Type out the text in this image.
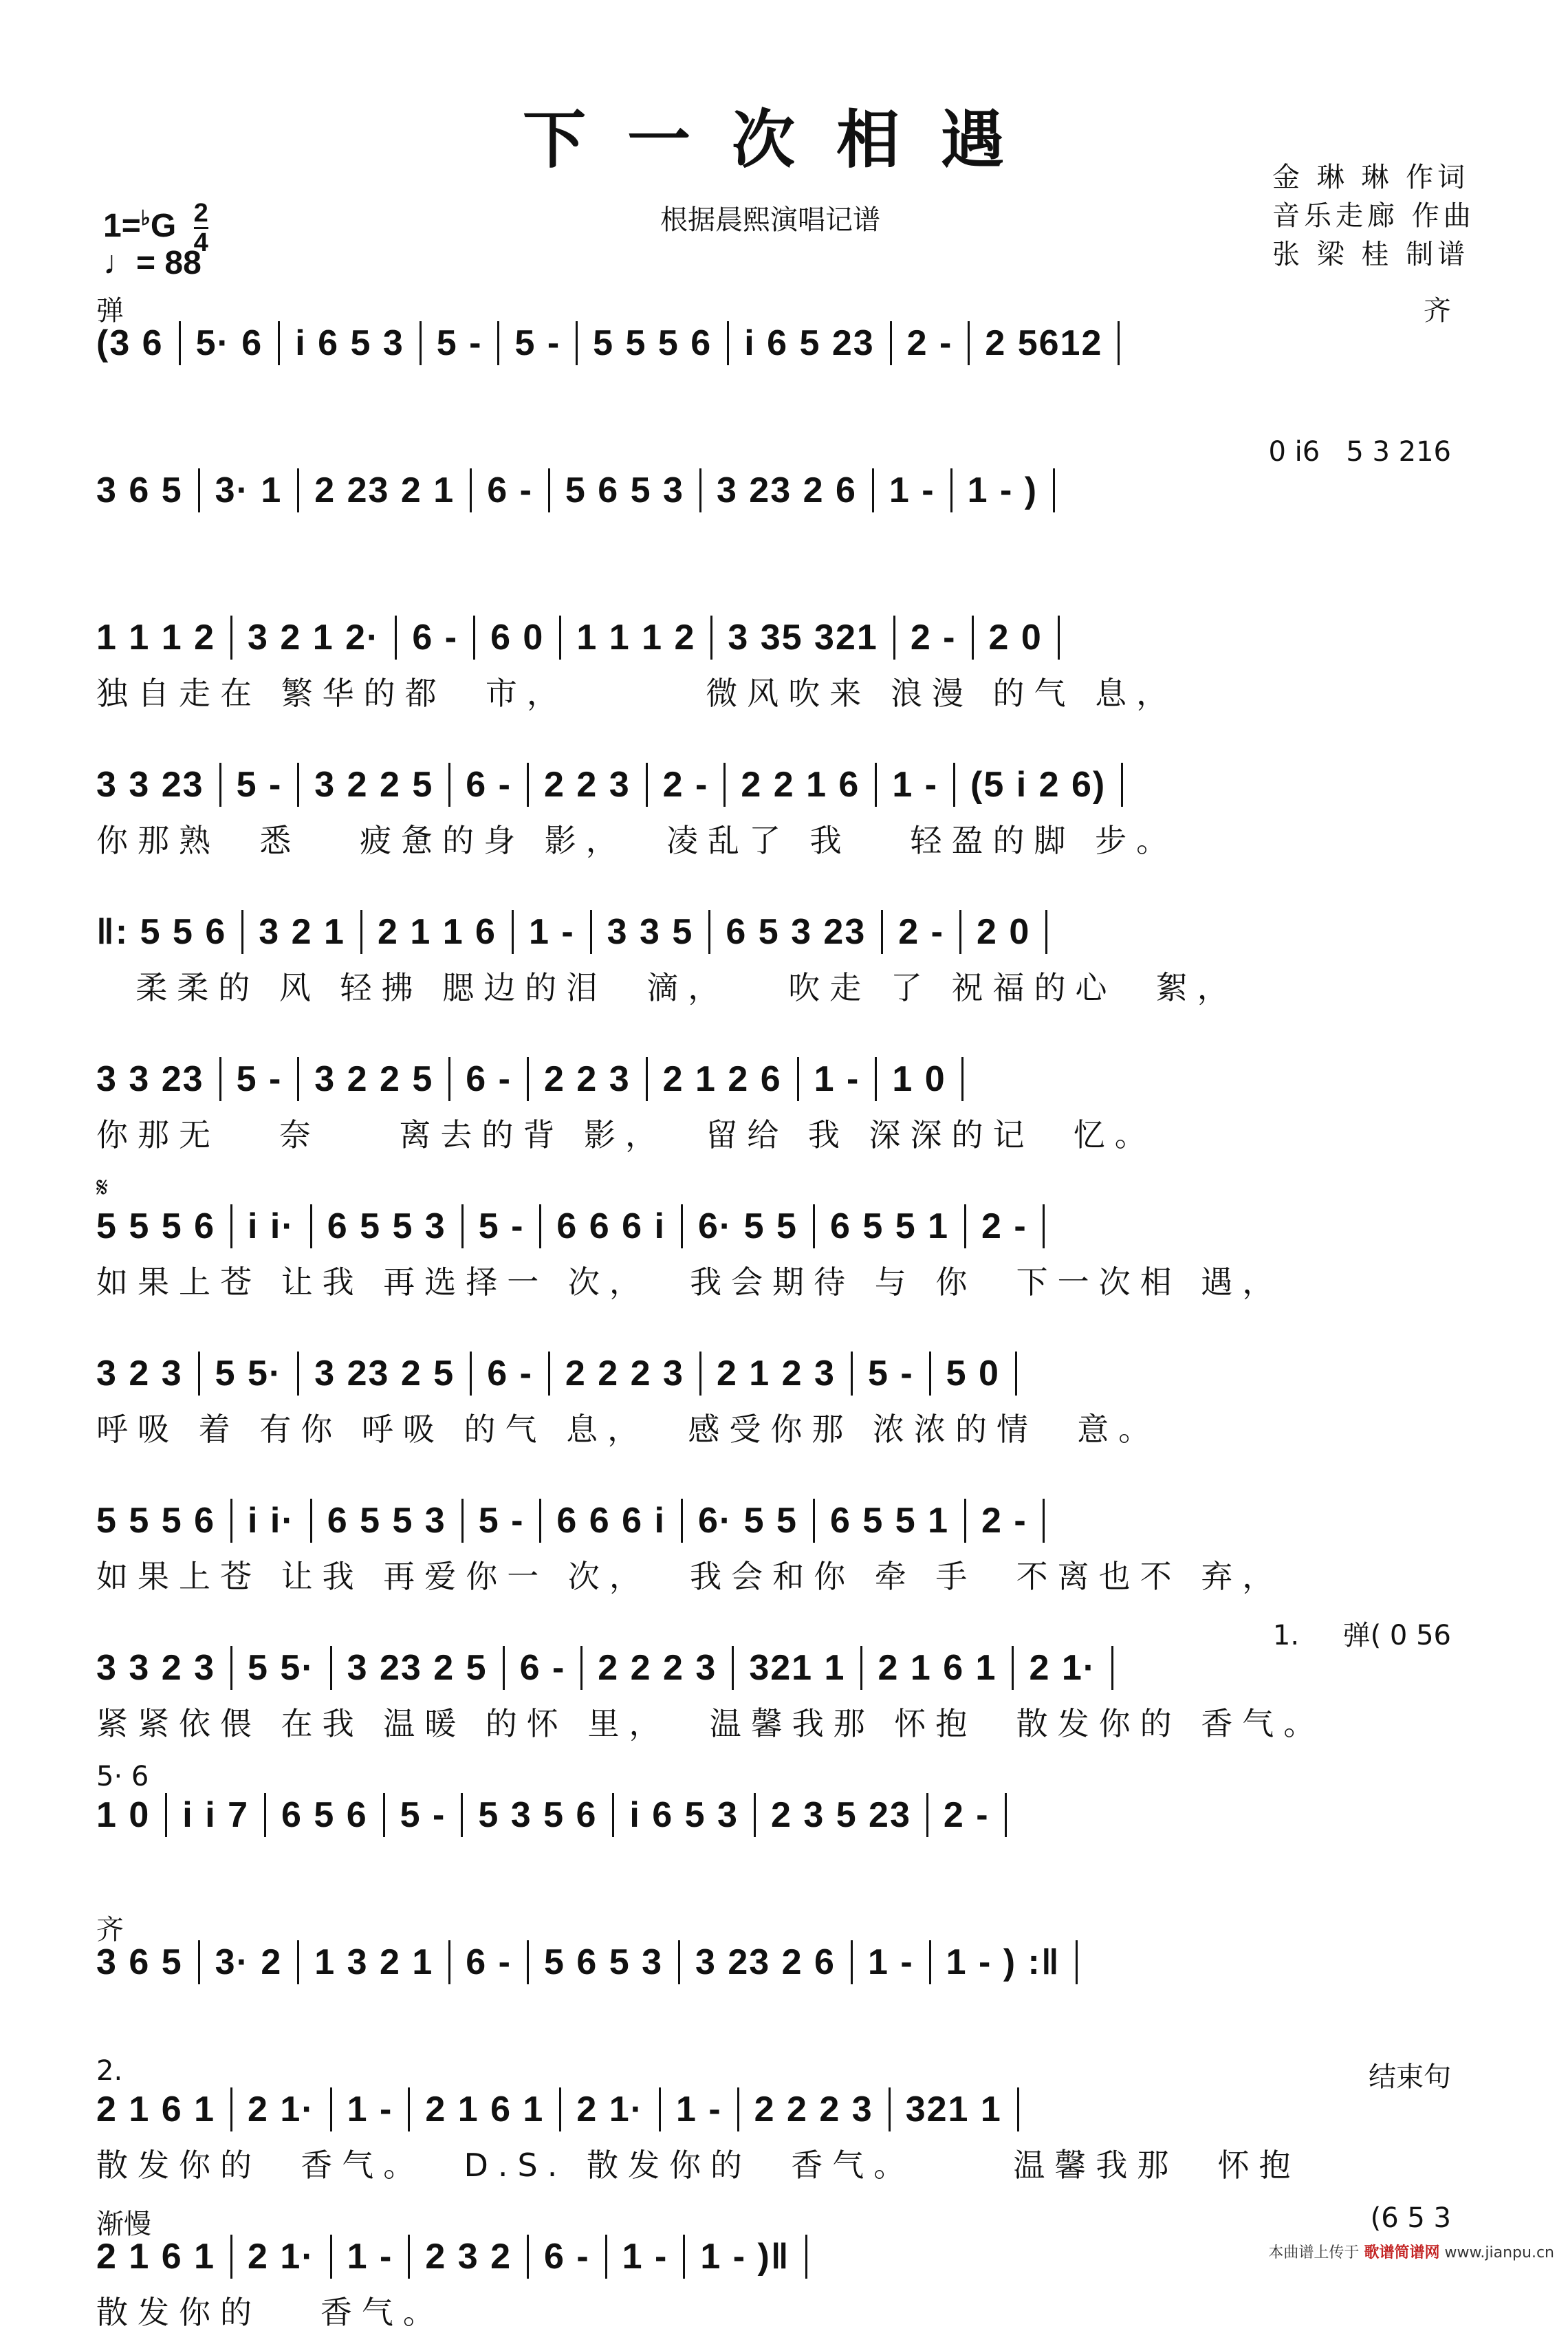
下一次相遇
根据晨熙演唱记谱
金 琳 琳 作词
音乐走廊 作曲
张 梁 桂 制谱
$1=^♭G \frac{2}{4}$
♩= 88
弹	齐
(3 6 5· 6 i 6 5 3 5 - 5 - 5 5 5 6 i 6 5 23 2 - 2 5612
0 i6   5 3 216
3 6 5 3· 1 2 23 2 1 6 - 5 6 5 3 3 23 2 6 1 - 1 - )
1 1 1 2 3 2 1 2· 6 - 6 0 1 1 1 2 3 35 321 2 - 2 0
独自走在 繁华的都  市，       微风吹来 浪漫 的气 息，
3 3 23 5 - 3 2 2 5 6 - 2 2 3 2 - 2 2 1 6 1 - (5 i 2 6)
你那熟  悉   疲惫的身 影，  凌乱了 我   轻盈的脚 步。
‖: 5 5 6 3 2 1 2 1 1 6 1 - 3 3 5 6 5 3 23 2 - 2 0
柔柔的 风 轻拂 腮边的泪  滴，   吹走 了 祝福的心  絮，
3 3 23 5 - 3 2 2 5 6 - 2 2 3 2 1 2 6 1 - 1 0
你那无   奈    离去的背 影，  留给 我 深深的记  忆。
𝄋
5 5 5 6 i i· 6 5 5 3 5 - 6 6 6 i 6· 5 5 6 5 5 1 2 -
如果上苍 让我 再选择一 次，  我会期待 与 你  下一次相 遇，
3 2 3 5 5· 3 23 2 5 6 - 2 2 2 3 2 1 2 3 5 - 5 0
呼吸 着 有你 呼吸 的气 息，  感受你那 浓浓的情  意。
5 5 5 6 i i· 6 5 5 3 5 - 6 6 6 i 6· 5 5 6 5 5 1 2 -
如果上苍 让我 再爱你一 次，  我会和你 牵 手  不离也不 弃，
1.     弹( 0 56
3 3 2 3 5 5· 3 23 2 5 6 - 2 2 2 3 321 1 2 1 6 1 2 1·
紧紧依偎 在我 温暖 的怀 里，  温馨我那 怀抱  散发你的 香气。
5· 6
1 0 i i 7 6 5 6 5 - 5 3 5 6 i 6 5 3 2 3 5 23 2 -
齐
3 6 5 3· 2 1 3 2 1 6 - 5 6 5 3 3 23 2 6 1 - 1 - ) :‖
2.	结束句
2 1 6 1 2 1· 1 - 2 1 6 1 2 1· 1 - 2 2 2 3 321 1
散发你的  香气。  D.S. 散发你的  香气。     温馨我那  怀抱
渐慢	(6 5 3
2 1 6 1 2 1· 1 - 2 3 2 6 - 1 - 1 - )‖
散发你的   香气。
本曲谱上传于 歌谱简谱网 www.jianpu.cn
